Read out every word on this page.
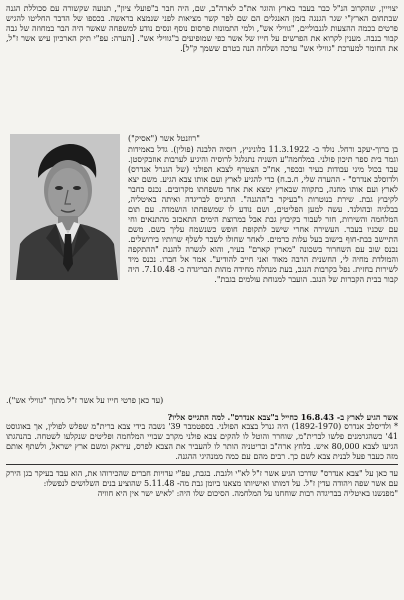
יצוייין, שהקרוב הנ"ל כבר בעבר בארץ והוגר את"כ לארה"ב, שם, היה חבר ב"פועלי ציון", תנועה שקשורה עם סכוללת הגנה שבתחום הארץ"י שגר הגנגה בזמן האנגלים הם שם לפר קשר מציאות לפני שנמצא בראשה. בכספו של הדבר החליטו להגיש פרטים בכמה ההצעות לגנבוליים, "גווילי אש", ולמי התמונות פרסום נוסף ונסים נודע למשפחה שאשר היה הבר במחוזה של גבה קבור בנבה. מענין לקרוא את הפרשים על חייו של אשר כפי שמופיעים ב"גווילי אש". [הערה: עפ"י תיק הארכיון עיש אשר ז"ל, את החומר למערכת "גווילי אש" ערכה ושלחה הנה בטרם ששמך ק"ל].
"רוזנטל אשר ("אסיק")

בן ברוך-יעקב ורחל. נולד ב- 11.3.1922 בלוניניץ, רוסיה הלבנה (פולין). גדל באמידות וגמר בית ספר תיכון פולני. במלחמה"ע השניה נתגלגל לרוסיה והיגיע לערבות אוזבקיסטן. עבד בכול מיני עבודות בעיר ובכפר, אח"כ הצטרף לצבא הפולני (של הגנרל אנדרס) ולדוסלב אנדרס" - ההערה שלי, ח.ב.ח) כדי להגיע לארץ ועם אותו צבא הגיע. משם יצא לארץ ועם אותו מחנה, בתקווה שבארץ ימצא את אחד משפחתו מקרובים. נכנס כחבר לקיבוץ גבת. שירת בנוטרות ו"בעיקר ב"ההגנה". התגייס לבריגדה ואיתה באיטליה, בבלגיה ובהולנד. עשה למען הפליטים, ושם נודע לו שמשפחתו הושמדה. עם תום המלחמה והשירות, חזר לעבור בקיבוץ גבת אבל במרוצת הימים התאכזב מהתנאים וחי עם שכניו בעבר. העשירה אחרי שישב לתקופת חופש כשנשמח עליך בשם. משם התיישב בבת-חוף בישוב בעל עלות כרמים. לאחר שחולו לשבר לשלף שרותיו בירושלים. נכנס שוב עם השחרור בשכונה "מארין קארם" בעיר, והוא לגשרה להגנת "ההתקפה והמולדת מחיה לי, החשנית הרבה מאוד ואני חייב להודיע". אמר אל חברו. נכנס מיד לשירות בחזית. נפל בקרבות הנגב, בעת מנהלה מחידה מהות הבריגדה ב- 7.10.48. היה קבור בבית הקברות של הנגב. הועבר למנוחת עולמים בגבת".

(עד כאן פרטי חייו על אשר ז"ל מתוך "גווילי אש").

אשר הגיע לארץ ב- 16.8.43 כחייל ב"צבא אנדרס". למה התגייס אליו?

* ולדיסלב אנדרס (1892-1970) היה גנרל בצבא הפולני. בספטמבר 39' נשבה בידי צבא ברית"מ שפלש לפולין, אך באוגוסט 41' כשהגרמנים פלשו לברית"מ, שוחרר והוטל לו להקים צבא פולני מקרב שבויי המלחמה ופליטים שנקלעו לשטחה. בהנהגתו הגיעו לצבא 80,000 איש. בלחץ ארה"ב ובריטניה הותר לו להעביר את הצבא לפרס, עיראק ומשם ארץ ישראל, ולשתף אותם מזה כעבר פעל לבנית צבא לשם כך. רבים מהם עם כמה ממנהיגי ההגנה.

עד כאן על "צבא אנדרס" שדרכו הגיע אשר ז"ל לא"י ולגבת. בגבת, עפ"י עדויות חברים שהכירוהו את, הוא עבד בעיקר בגן הירק עם אשר שפה ויהודה עדין ז"ל. על דמותו ואישיותו מצאנו ביומן גבת מה- 5.11.48 שהוציע בנים השלושים לנפשלו:

"מפנשנו באיטליה בבריגדה רבות שוחחנו על המלחמה. הסיכום שלו היה: 'לאיש ישר אין היא חוויה
